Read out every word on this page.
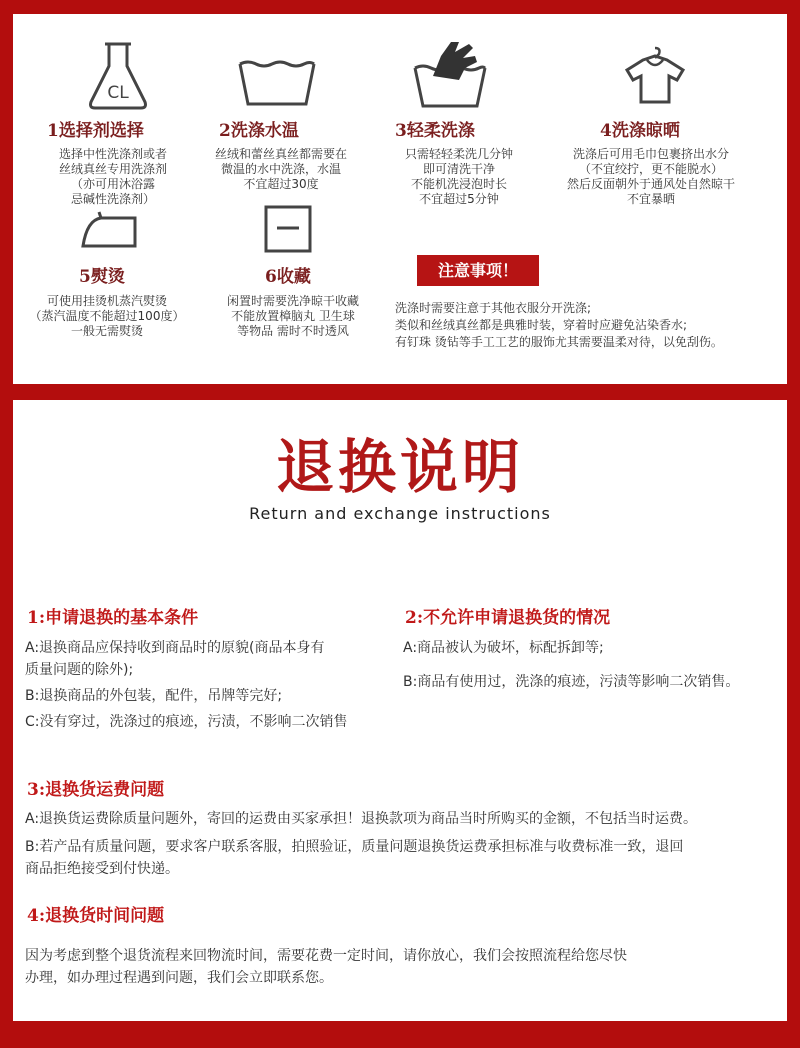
CL
1选择剂选择	2洗涤水温	3轻柔洗涤	4洗涤晾晒
选择中性洗涤剂或者
丝绒真丝专用洗涤剂
（亦可用沐浴露
忌碱性洗涤剂）
丝绒和蕾丝真丝都需要在
微温的水中洗涤，水温
不宜超过30度
只需轻轻柔洗几分钟
即可清洗干净
不能机洗浸泡时长
不宜超过5分钟
洗涤后可用毛巾包裹挤出水分
（不宜绞拧，更不能脱水）
然后反面朝外于通风处自然晾干
不宜暴晒
5熨烫	6收藏
可使用挂烫机蒸汽熨烫
（蒸汽温度不能超过100度）
一般无需熨烫
闲置时需要洗净晾干收藏
不能放置樟脑丸 卫生球
等物品 需时不时透风
注意事项！
洗涤时需要注意于其他衣服分开洗涤;
类似和丝绒真丝都是典雅时装，穿着时应避免沾染香水;
有钉珠 烫钻等手工工艺的服饰尤其需要温柔对待，以免刮伤。
退换说明
Return and exchange instructions
1:申请退换的基本条件
A:退换商品应保持收到商品时的原貌(商品本身有
质量问题的除外);
B:退换商品的外包装，配件，吊牌等完好;
C:没有穿过，洗涤过的痕迹，污渍，不影响二次销售
2:不允许申请退换货的情况
A:商品被认为破坏，标配拆卸等;
B:商品有使用过，洗涤的痕迹，污渍等影响二次销售。
3:退换货运费问题
A:退换货运费除质量问题外，寄回的运费由买家承担！退换款项为商品当时所购买的金额，不包括当时运费。
B:若产品有质量问题，要求客户联系客服，拍照验证，质量问题退换货运费承担标准与收费标准一致，退回
商品拒绝接受到付快递。
4:退换货时间问题
因为考虑到整个退货流程来回物流时间，需要花费一定时间，请你放心，我们会按照流程给您尽快
办理，如办理过程遇到问题，我们会立即联系您。
